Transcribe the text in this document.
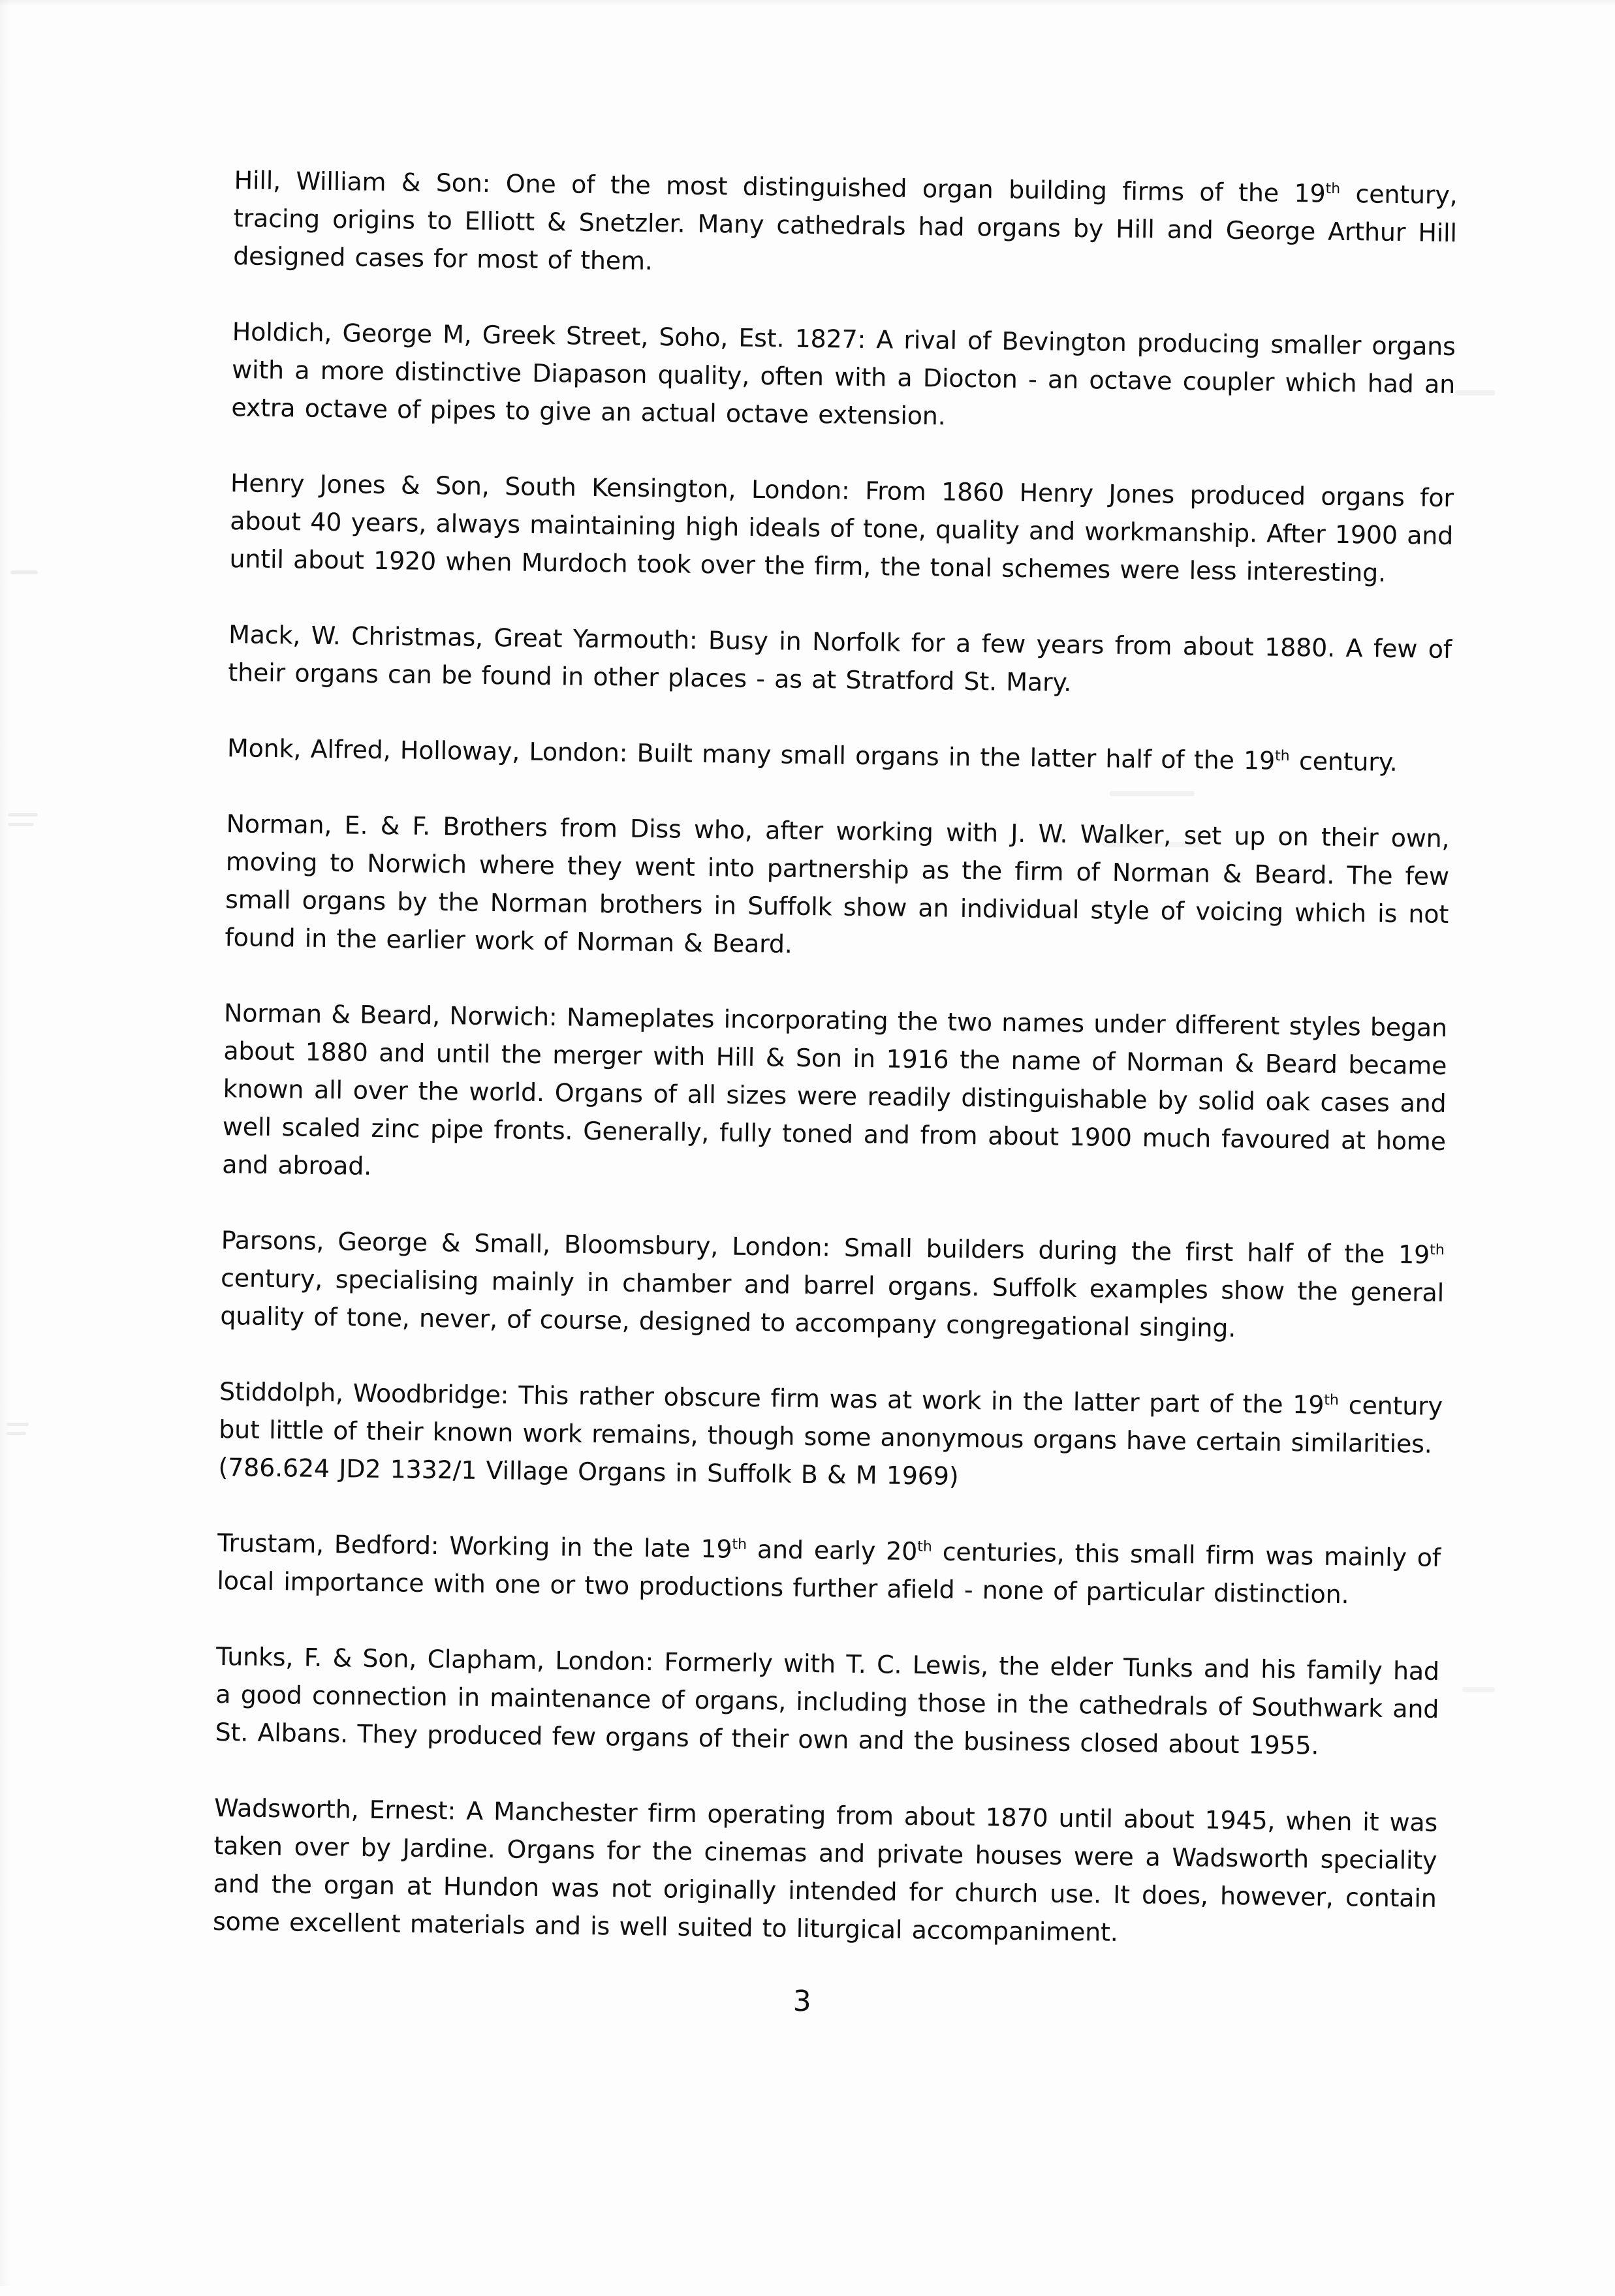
Hill, William & Son: One of the most distinguished organ building firms of the 19th century, tracing origins to Elliott & Snetzler. Many cathedrals had organs by Hill and George Arthur Hill designed cases for most of them.

Holdich, George M, Greek Street, Soho, Est. 1827: A rival of Bevington producing smaller organs with a more distinctive Diapason quality, often with a Diocton - an octave coupler which had an extra octave of pipes to give an actual octave extension.

Henry Jones & Son, South Kensington, London: From 1860 Henry Jones produced organs for about 40 years, always maintaining high ideals of tone, quality and workmanship. After 1900 and until about 1920 when Murdoch took over the firm, the tonal schemes were less interesting.

Mack, W. Christmas, Great Yarmouth: Busy in Norfolk for a few years from about 1880. A few of their organs can be found in other places - as at Stratford St. Mary.

Monk, Alfred, Holloway, London: Built many small organs in the latter half of the 19th century.

Norman, E. & F. Brothers from Diss who, after working with J. W. Walker, set up on their own, moving to Norwich where they went into partnership as the firm of Norman & Beard. The few small organs by the Norman brothers in Suffolk show an individual style of voicing which is not found in the earlier work of Norman & Beard.

Norman & Beard, Norwich: Nameplates incorporating the two names under different styles began about 1880 and until the merger with Hill & Son in 1916 the name of Norman & Beard became known all over the world. Organs of all sizes were readily distinguishable by solid oak cases and well scaled zinc pipe fronts. Generally, fully toned and from about 1900 much favoured at home and abroad.

Parsons, George & Small, Bloomsbury, London: Small builders during the first half of the 19th century, specialising mainly in chamber and barrel organs. Suffolk examples show the general quality of tone, never, of course, designed to accompany congregational singing.

Stiddolph, Woodbridge: This rather obscure firm was at work in the latter part of the 19th century but little of their known work remains, though some anonymous organs have certain similarities.
(786.624 JD2 1332/1 Village Organs in Suffolk B & M 1969)

Trustam, Bedford: Working in the late 19th and early 20th centuries, this small firm was mainly of local importance with one or two productions further afield - none of particular distinction.

Tunks, F. & Son, Clapham, London: Formerly with T. C. Lewis, the elder Tunks and his family had a good connection in maintenance of organs, including those in the cathedrals of Southwark and St. Albans. They produced few organs of their own and the business closed about 1955.

Wadsworth, Ernest: A Manchester firm operating from about 1870 until about 1945, when it was taken over by Jardine. Organs for the cinemas and private houses were a Wadsworth speciality and the organ at Hundon was not originally intended for church use. It does, however, contain some excellent materials and is well suited to liturgical accompaniment.

3
